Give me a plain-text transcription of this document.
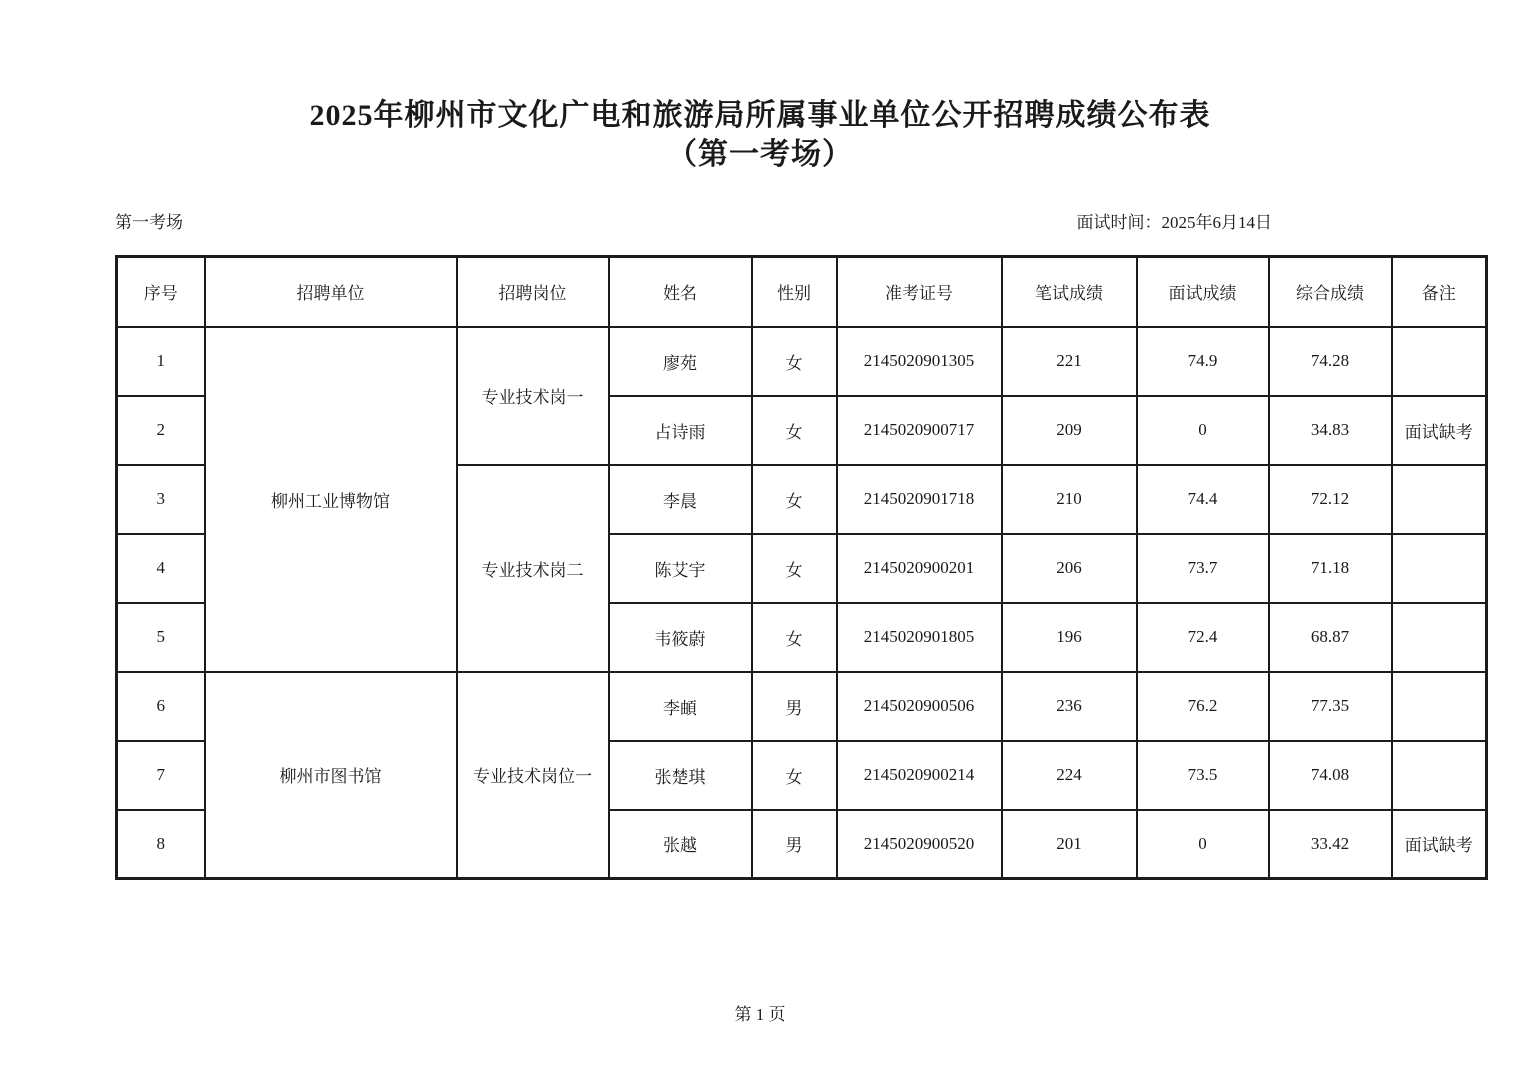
2025年柳州市文化广电和旅游局所属事业单位公开招聘成绩公布表
（第一考场）
第一考场	面试时间：2025年6月14日
序号	招聘单位	招聘岗位	姓名	性别	准考证号	笔试成绩	面试成绩	综合成绩	备注
1	柳州工业博物馆	专业技术岗一	廖苑	女	2145020901305	221	74.9	74.28	
2			占诗雨	女	2145020900717	209	0	34.83	面试缺考
3		专业技术岗二	李晨	女	2145020901718	210	74.4	72.12	
4			陈艾宇	女	2145020900201	206	73.7	71.18	
5			韦筱蔚	女	2145020901805	196	72.4	68.87	
6	柳州市图书馆	专业技术岗位一	李頔	男	2145020900506	236	76.2	77.35	
7			张楚琪	女	2145020900214	224	73.5	74.08	
8			张越	男	2145020900520	201	0	33.42	面试缺考
第 1 页
